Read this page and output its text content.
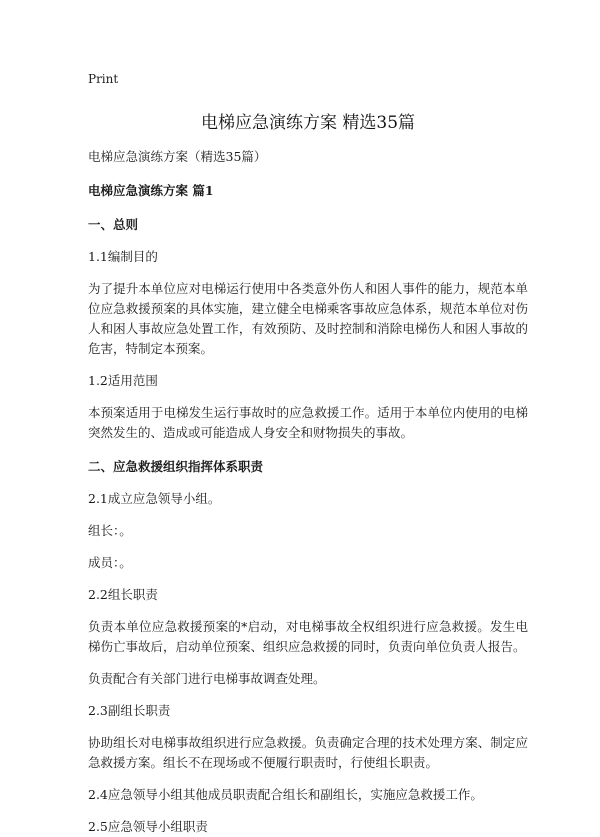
Print
电梯应急演练方案 精选35篇

电梯应急演练方案（精选35篇）

电梯应急演练方案 篇1

一、总则

1.1编制目的

为了提升本单位应对电梯运行使用中各类意外伤人和困人事件的能力，规范本单位应急救援预案的具体实施，建立健全电梯乘客事故应急体系，规范本单位对伤人和困人事故应急处置工作，有效预防、及时控制和消除电梯伤人和困人事故的危害，特制定本预案。

1.2适用范围

本预案适用于电梯发生运行事故时的应急救援工作。适用于本单位内使用的电梯突然发生的、造成或可能造成人身安全和财物损失的事故。

二、应急救援组织指挥体系职责

2.1成立应急领导小组。

组长：。

成员：。

2.2组长职责

负责本单位应急救援预案的*启动，对电梯事故全权组织进行应急救援。发生电梯伤亡事故后，启动单位预案、组织应急救援的同时，负责向单位负责人报告。

负责配合有关部门进行电梯事故调查处理。

2.3副组长职责

协助组长对电梯事故组织进行应急救援。负责确定合理的技术处理方案、制定应急救援方案。组长不在现场或不便履行职责时，行使组长职责。

2.4应急领导小组其他成员职责配合组长和副组长，实施应急救援工作。

2.5应急领导小组职责
